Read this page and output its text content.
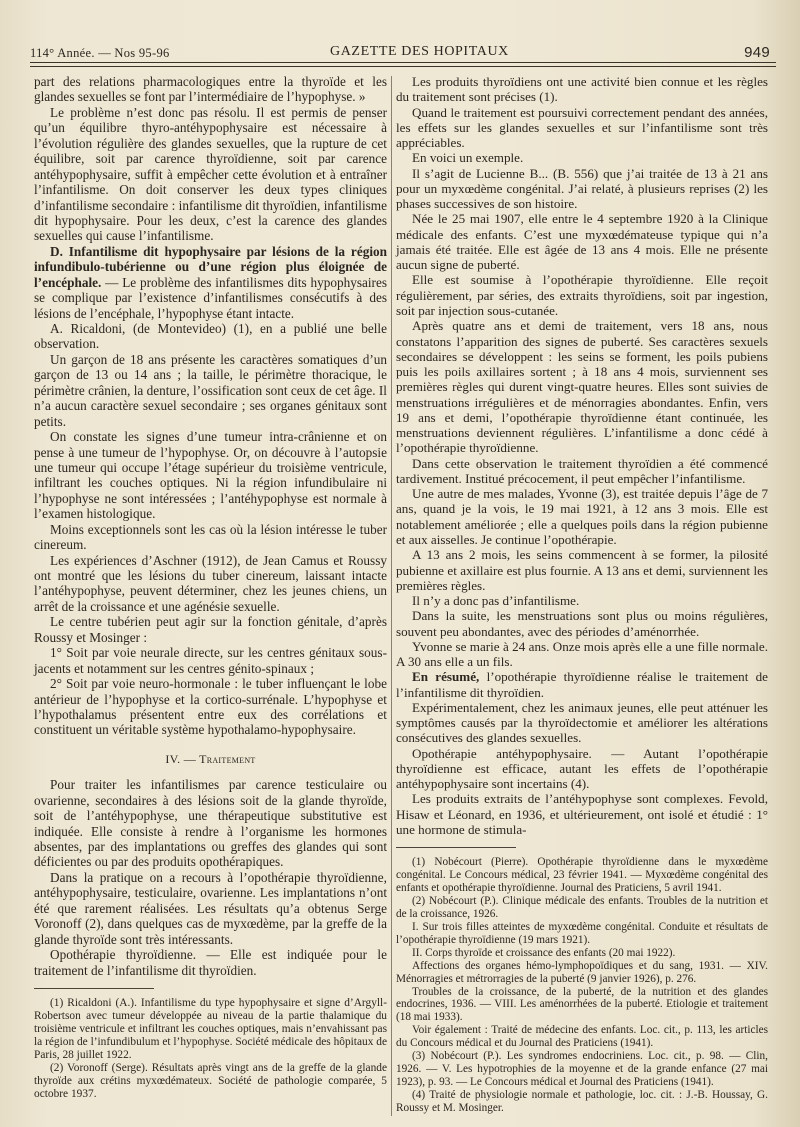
114° Année. — Nos 95-96	GAZETTE DES HOPITAUX	949

part des relations pharmacologiques entre la thyroïde et les glandes sexuelles se font par l’intermédiaire de l’hypophyse. »

Le problème n’est donc pas résolu. Il est permis de penser qu’un équilibre thyro-antéhypophysaire est nécessaire à l’évolution régulière des glandes sexuelles, que la rupture de cet équilibre, soit par carence thyroïdienne, soit par carence antéhypophysaire, suffit à empêcher cette évolution et à entraîner l’infantilisme. On doit conserver les deux types cliniques d’infantilisme secondaire : infantilisme dit thyroïdien, infantilisme dit hypophysaire. Pour les deux, c’est la carence des glandes sexuelles qui cause l’infantilisme.

D. Infantilisme dit hypophysaire par lésions de la région infundibulo-tubérienne ou d’une région plus éloignée de l’encéphale. — Le problème des infantilismes dits hypophysaires se complique par l’existence d’infantilismes consécutifs à des lésions de l’encéphale, l’hypophyse étant intacte.

A. Ricaldoni, (de Montevideo) (1), en a publié une belle observation.

Un garçon de 18 ans présente les caractères somatiques d’un garçon de 13 ou 14 ans ; la taille, le périmètre thoracique, le périmètre crânien, la denture, l’ossification sont ceux de cet âge. Il n’a aucun caractère sexuel secondaire ; ses organes génitaux sont petits.

On constate les signes d’une tumeur intra-crânienne et on pense à une tumeur de l’hypophyse. Or, on découvre à l’autopsie une tumeur qui occupe l’étage supérieur du troisième ventricule, infiltrant les couches optiques. Ni la région infundibulaire ni l’hypophyse ne sont intéressées ; l’antéhypophyse est normale à l’examen histologique.

Moins exceptionnels sont les cas où la lésion intéresse le tuber cinereum.

Les expériences d’Aschner (1912), de Jean Camus et Roussy ont montré que les lésions du tuber cinereum, laissant intacte l’antéhypophyse, peuvent déterminer, chez les jeunes chiens, un arrêt de la croissance et une agénésie sexuelle.

Le centre tubérien peut agir sur la fonction génitale, d’après Roussy et Mosinger :

1° Soit par voie neurale directe, sur les centres génitaux sous-jacents et notamment sur les centres génito-spinaux ;

2° Soit par voie neuro-hormonale : le tuber influençant le lobe antérieur de l’hypophyse et la cortico-surrénale. L’hypophyse et l’hypothalamus présentent entre eux des corrélations et constituent un véritable système hypothalamo-hypophysaire.

IV. — Traitement

Pour traiter les infantilismes par carence testiculaire ou ovarienne, secondaires à des lésions soit de la glande thyroïde, soit de l’antéhypophyse, une thérapeutique substitutive est indiquée. Elle consiste à rendre à l’organisme les hormones absentes, par des implantations ou greffes des glandes qui sont déficientes ou par des produits opothérapiques.

Dans la pratique on a recours à l’opothérapie thyroïdienne, antéhypophysaire, testiculaire, ovarienne. Les implantations n’ont été que rarement réalisées. Les résultats qu’a obtenus Serge Voronoff (2), dans quelques cas de myxœdème, par la greffe de la glande thyroïde sont très intéressants.

Opothérapie thyroïdienne. — Elle est indiquée pour le traitement de l’infantilisme dit thyroïdien.

(1) Ricaldoni (A.). Infantilisme du type hypophysaire et signe d’Argyll-Robertson avec tumeur développée au niveau de la partie thalamique du troisième ventricule et infiltrant les couches optiques, mais n’envahissant pas la région de l’infundibulum et l’hypophyse. Société médicale des hôpitaux de Paris, 28 juillet 1922.

(2) Voronoff (Serge). Résultats après vingt ans de la greffe de la glande thyroïde aux crétins myxœdémateux. Société de pathologie comparée, 5 octobre 1937.

Les produits thyroïdiens ont une activité bien connue et les règles du traitement sont précises (1).

Quand le traitement est poursuivi correctement pendant des années, les effets sur les glandes sexuelles et sur l’infantilisme sont très appréciables.

En voici un exemple.

Il s’agit de Lucienne B... (B. 556) que j’ai traitée de 13 à 21 ans pour un myxœdème congénital. J’ai relaté, à plusieurs reprises (2) les phases successives de son histoire.

Née le 25 mai 1907, elle entre le 4 septembre 1920 à la Clinique médicale des enfants. C’est une myxœdémateuse typique qui n’a jamais été traitée. Elle est âgée de 13 ans 4 mois. Elle ne présente aucun signe de puberté.

Elle est soumise à l’opothérapie thyroïdienne. Elle reçoit régulièrement, par séries, des extraits thyroïdiens, soit par ingestion, soit par injection sous-cutanée.

Après quatre ans et demi de traitement, vers 18 ans, nous constatons l’apparition des signes de puberté. Ses caractères sexuels secondaires se développent : les seins se forment, les poils pubiens puis les poils axillaires sortent ; à 18 ans 4 mois, surviennent ses premières règles qui durent vingt-quatre heures. Elles sont suivies de menstruations irrégulières et de ménorragies abondantes. Enfin, vers 19 ans et demi, l’opothérapie thyroïdienne étant continuée, les menstruations deviennent régulières. L’infantilisme a donc cédé à l’opothérapie thyroïdienne.

Dans cette observation le traitement thyroïdien a été commencé tardivement. Institué précocement, il peut empêcher l’infantilisme.

Une autre de mes malades, Yvonne (3), est traitée depuis l’âge de 7 ans, quand je la vois, le 19 mai 1921, à 12 ans 3 mois. Elle est notablement améliorée ; elle a quelques poils dans la région pubienne et aux aisselles. Je continue l’opothérapie.

A 13 ans 2 mois, les seins commencent à se former, la pilosité pubienne et axillaire est plus fournie. A 13 ans et demi, surviennent les premières règles.

Il n’y a donc pas d’infantilisme.

Dans la suite, les menstruations sont plus ou moins régulières, souvent peu abondantes, avec des périodes d’aménorrhée.

Yvonne se marie à 24 ans. Onze mois après elle a une fille normale. A 30 ans elle a un fils.

En résumé, l’opothérapie thyroïdienne réalise le traitement de l’infantilisme dit thyroïdien.

Expérimentalement, chez les animaux jeunes, elle peut atténuer les symptômes causés par la thyroïdectomie et améliorer les altérations consécutives des glandes sexuelles.

Opothérapie antéhypophysaire. — Autant l’opothérapie thyroïdienne est efficace, autant les effets de l’opothérapie antéhypophysaire sont incertains (4).

Les produits extraits de l’antéhypophyse sont complexes. Fevold, Hisaw et Léonard, en 1936, et ultérieurement, ont isolé et étudié : 1° une hormone de stimula-

(1) Nobécourt (Pierre). Opothérapie thyroïdienne dans le myxœdème congénital. Le Concours médical, 23 février 1941. — Myxœdème congénital des enfants et opothérapie thyroïdienne. Journal des Praticiens, 5 avril 1941.

(2) Nobécourt (P.). Clinique médicale des enfants. Troubles de la nutrition et de la croissance, 1926.

I. Sur trois filles atteintes de myxœdème congénital. Conduite et résultats de l’opothérapie thyroïdienne (19 mars 1921).

II. Corps thyroïde et croissance des enfants (20 mai 1922).

Affections des organes hémo-lymphopoïdiques et du sang, 1931. — XIV. Ménorragies et métrorragies de la puberté (9 janvier 1926), p. 276.

Troubles de la croissance, de la puberté, de la nutrition et des glandes endocrines, 1936. — VIII. Les aménorrhées de la puberté. Etiologie et traitement (18 mai 1933).

Voir également : Traité de médecine des enfants. Loc. cit., p. 113, les articles du Concours médical et du Journal des Praticiens (1941).

(3) Nobécourt (P.). Les syndromes endocriniens. Loc. cit., p. 98. — Clin, 1926. — V. Les hypotrophies de la moyenne et de la grande enfance (27 mai 1923), p. 93. — Le Concours médical et Journal des Praticiens (1941).

(4) Traité de physiologie normale et pathologie, loc. cit. : J.-B. Houssay, G. Roussy et M. Mosinger.
